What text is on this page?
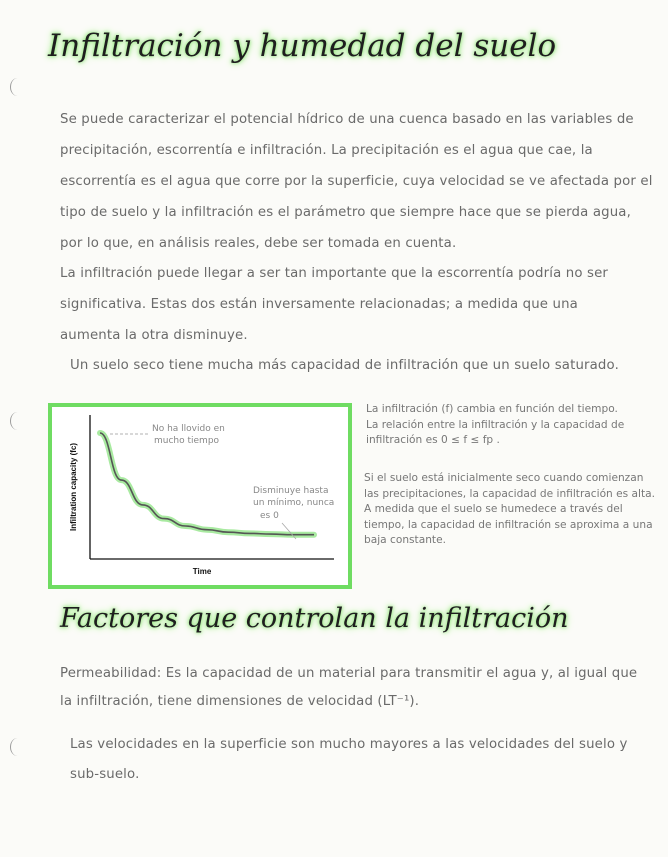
Infiltración y humedad del suelo

Se puede caracterizar el potencial hídrico de una cuenca basado en las variables de precipitación, escorrentía e infiltración. La precipitación es el agua que cae, la escorrentía es el agua que corre por la superficie, cuya velocidad se ve afectada por el tipo de suelo y la infiltración es el parámetro que siempre hace que se pierda agua, por lo que, en análisis reales, debe ser tomada en cuenta.

La infiltración puede llegar a ser tan importante que la escorrentía podría no ser significativa. Estas dos están inversamente relacionadas; a medida que una aumenta la otra disminuye.

Un suelo seco tiene mucha más capacidad de infiltración que un suelo saturado.

Infiltration capacity (fc)
Time
No ha llovido en
mucho tiempo
Disminuye hasta
un mínimo, nunca
es 0

La infiltración (f) cambia en función del tiempo.
La relación entre la infiltración y la capacidad de
infiltración es 0 ≤ f ≤ fp .

Si el suelo está inicialmente seco cuando comienzan las precipitaciones, la capacidad de infiltración es alta. A medida que el suelo se humedece a través del tiempo, la capacidad de infiltración se aproxima a una baja constante.

Factores que controlan la infiltración

Permeabilidad: Es la capacidad de un material para transmitir el agua y, al igual que la infiltración, tiene dimensiones de velocidad (LT⁻¹).

Las velocidades en la superficie son mucho mayores a las velocidades del suelo y sub-suelo.
